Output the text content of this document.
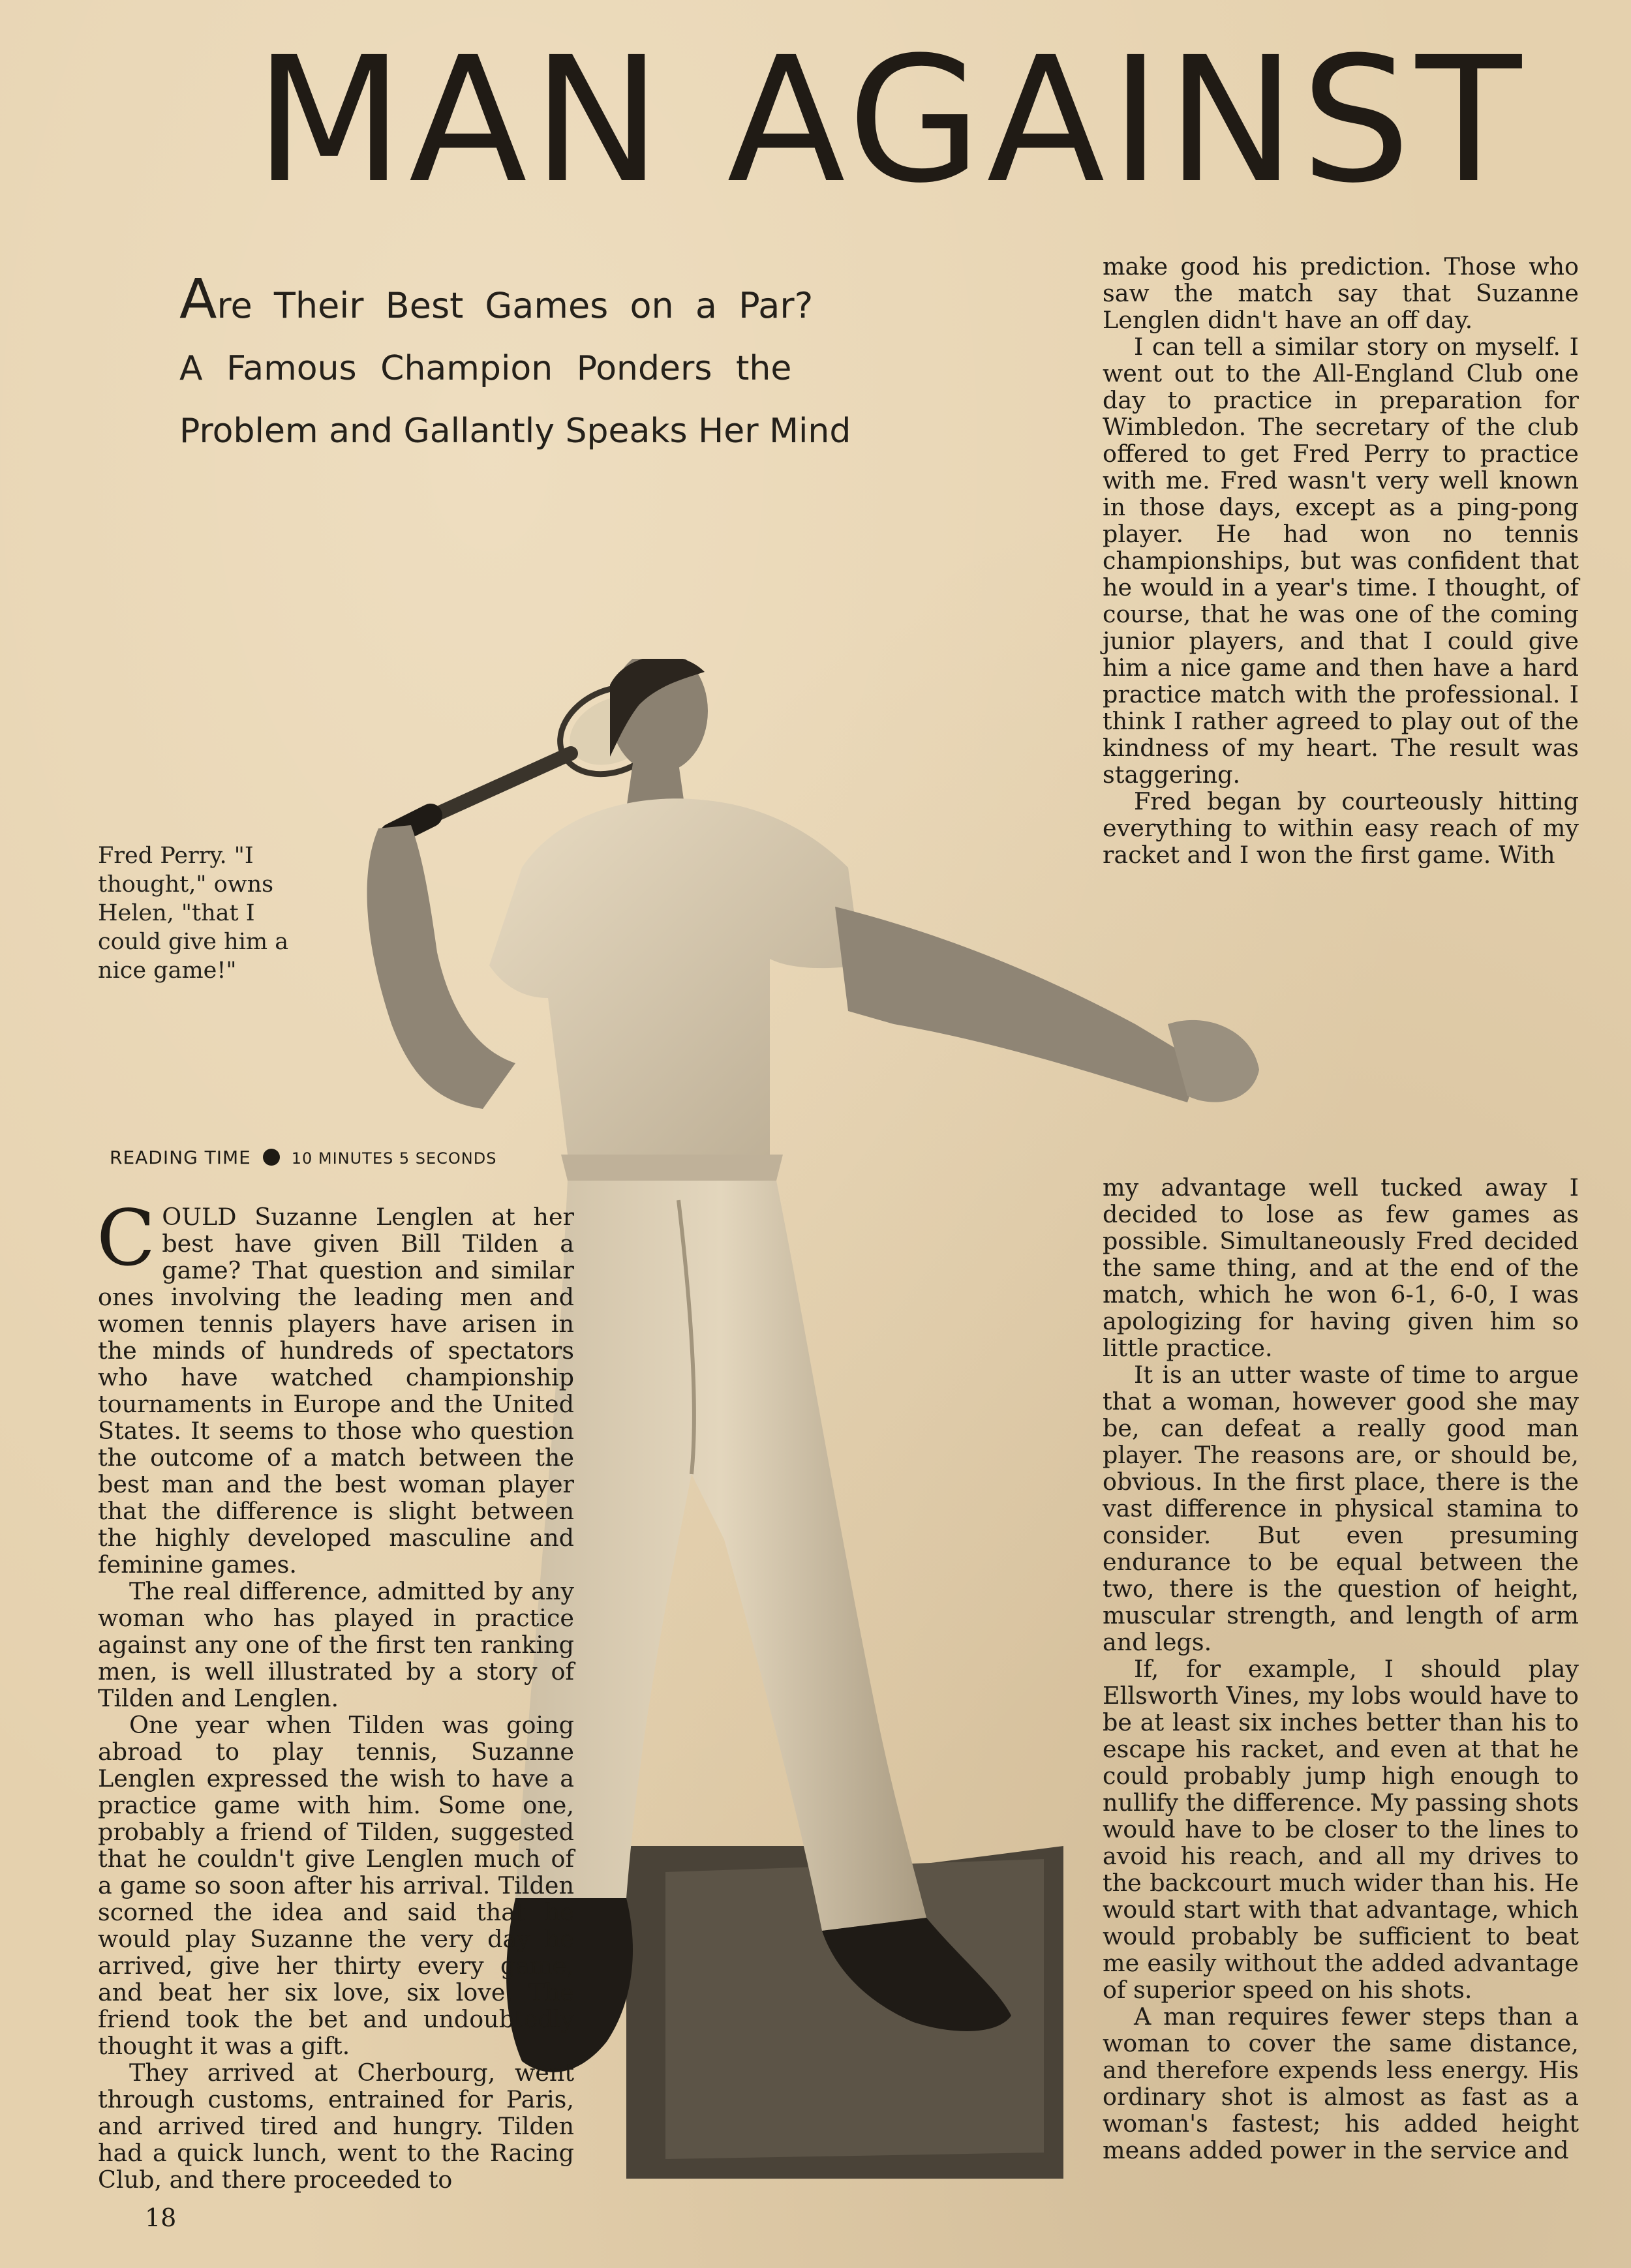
MAN AGAINST
Are Their Best Games on a Par?
A Famous Champion Ponders the
Problem and Gallantly Speaks Her Mind
Fred Perry. "I thought," owns Helen, "that I could give him a nice game!"
READING TIME	10 MINUTES 5 SECONDS

COULD Suzanne Lenglen at her best have given Bill Tilden a game? That question and similar ones involving the leading men and women tennis players have arisen in the minds of hundreds of spectators who have watched championship tournaments in Europe and the United States. It seems to those who question the outcome of a match between the best man and the best woman player that the difference is slight between the highly developed masculine and feminine games.

The real difference, admitted by any woman who has played in practice against any one of the first ten ranking men, is well illustrated by a story of Tilden and Lenglen.

One year when Tilden was going abroad to play tennis, Suzanne Lenglen expressed the wish to have a practice game with him. Some one, probably a friend of Tilden, suggested that he couldn't give Lenglen much of a game so soon after his arrival. Tilden scorned the idea and said that he would play Suzanne the very day he arrived, give her thirty every game, and beat her six love, six love. The friend took the bet and undoubtedly thought it was a gift.

They arrived at Cherbourg, went through customs, entrained for Paris, and arrived tired and hungry. Tilden had a quick lunch, went to the Racing Club, and there proceeded to

make good his prediction. Those who saw the match say that Suzanne Lenglen didn't have an off day.

I can tell a similar story on myself. I went out to the All-England Club one day to practice in preparation for Wimbledon. The secretary of the club offered to get Fred Perry to practice with me. Fred wasn't very well known in those days, except as a ping-pong player. He had won no tennis championships, but was confident that he would in a year's time. I thought, of course, that he was one of the coming junior players, and that I could give him a nice game and then have a hard practice match with the professional. I think I rather agreed to play out of the kindness of my heart. The result was staggering.

Fred began by courteously hitting everything to within easy reach of my racket and I won the first game. With

my advantage well tucked away I decided to lose as few games as possible. Simultaneously Fred decided the same thing, and at the end of the match, which he won 6-1, 6-0, I was apologizing for having given him so little practice.

It is an utter waste of time to argue that a woman, however good she may be, can defeat a really good man player. The reasons are, or should be, obvious. In the first place, there is the vast difference in physical stamina to consider. But even presuming endurance to be equal between the two, there is the question of height, muscular strength, and length of arm and legs.

If, for example, I should play Ellsworth Vines, my lobs would have to be at least six inches better than his to escape his racket, and even at that he could probably jump high enough to nullify the difference. My passing shots would have to be closer to the lines to avoid his reach, and all my drives to the backcourt much wider than his. He would start with that advantage, which would probably be sufficient to beat me easily without the added advantage of superior speed on his shots.

A man requires fewer steps than a woman to cover the same distance, and therefore expends less energy. His ordinary shot is almost as fast as a woman's fastest; his added height means added power in the service and

18
